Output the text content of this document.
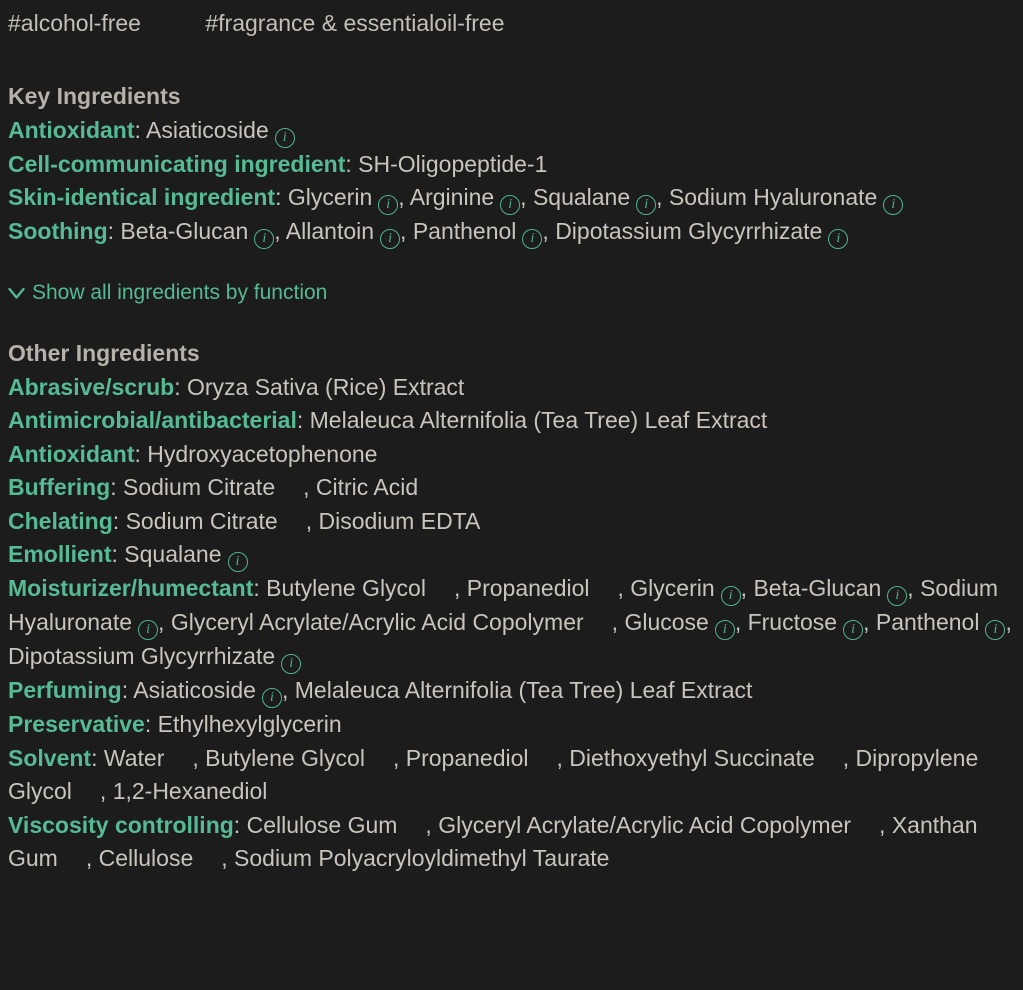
#alcohol-free	#fragrance & essentialoil-free
Key Ingredients

Antioxidant: Asiaticoside i

Cell-communicating ingredient: SH-Oligopeptide-1

Skin-identical ingredient: Glycerin i , Arginine i , Squalane i , Sodium Hyaluronate i

Soothing: Beta-Glucan i , Allantoin i , Panthenol i , Dipotassium Glycyrrhizate i

Show all ingredients by function
Other Ingredients

Abrasive/scrub: Oryza Sativa (Rice) Extract

Antimicrobial/antibacterial: Melaleuca Alternifolia (Tea Tree) Leaf Extract

Antioxidant: Hydroxyacetophenone

Buffering: Sodium Citrate , Citric Acid

Chelating: Sodium Citrate , Disodium EDTA

Emollient: Squalane i

Moisturizer/humectant: Butylene Glycol , Propanediol , Glycerin i , Beta-Glucan i , Sodium Hyaluronate i , Glyceryl Acrylate/Acrylic Acid Copolymer , Glucose i , Fructose i , Panthenol i , Dipotassium Glycyrrhizate i

Perfuming: Asiaticoside i , Melaleuca Alternifolia (Tea Tree) Leaf Extract

Preservative: Ethylhexylglycerin

Solvent: Water , Butylene Glycol , Propanediol , Diethoxyethyl Succinate , Dipropylene Glycol , 1,2-Hexanediol

Viscosity controlling: Cellulose Gum , Glyceryl Acrylate/Acrylic Acid Copolymer , Xanthan Gum , Cellulose , Sodium Polyacryloyldimethyl Taurate
